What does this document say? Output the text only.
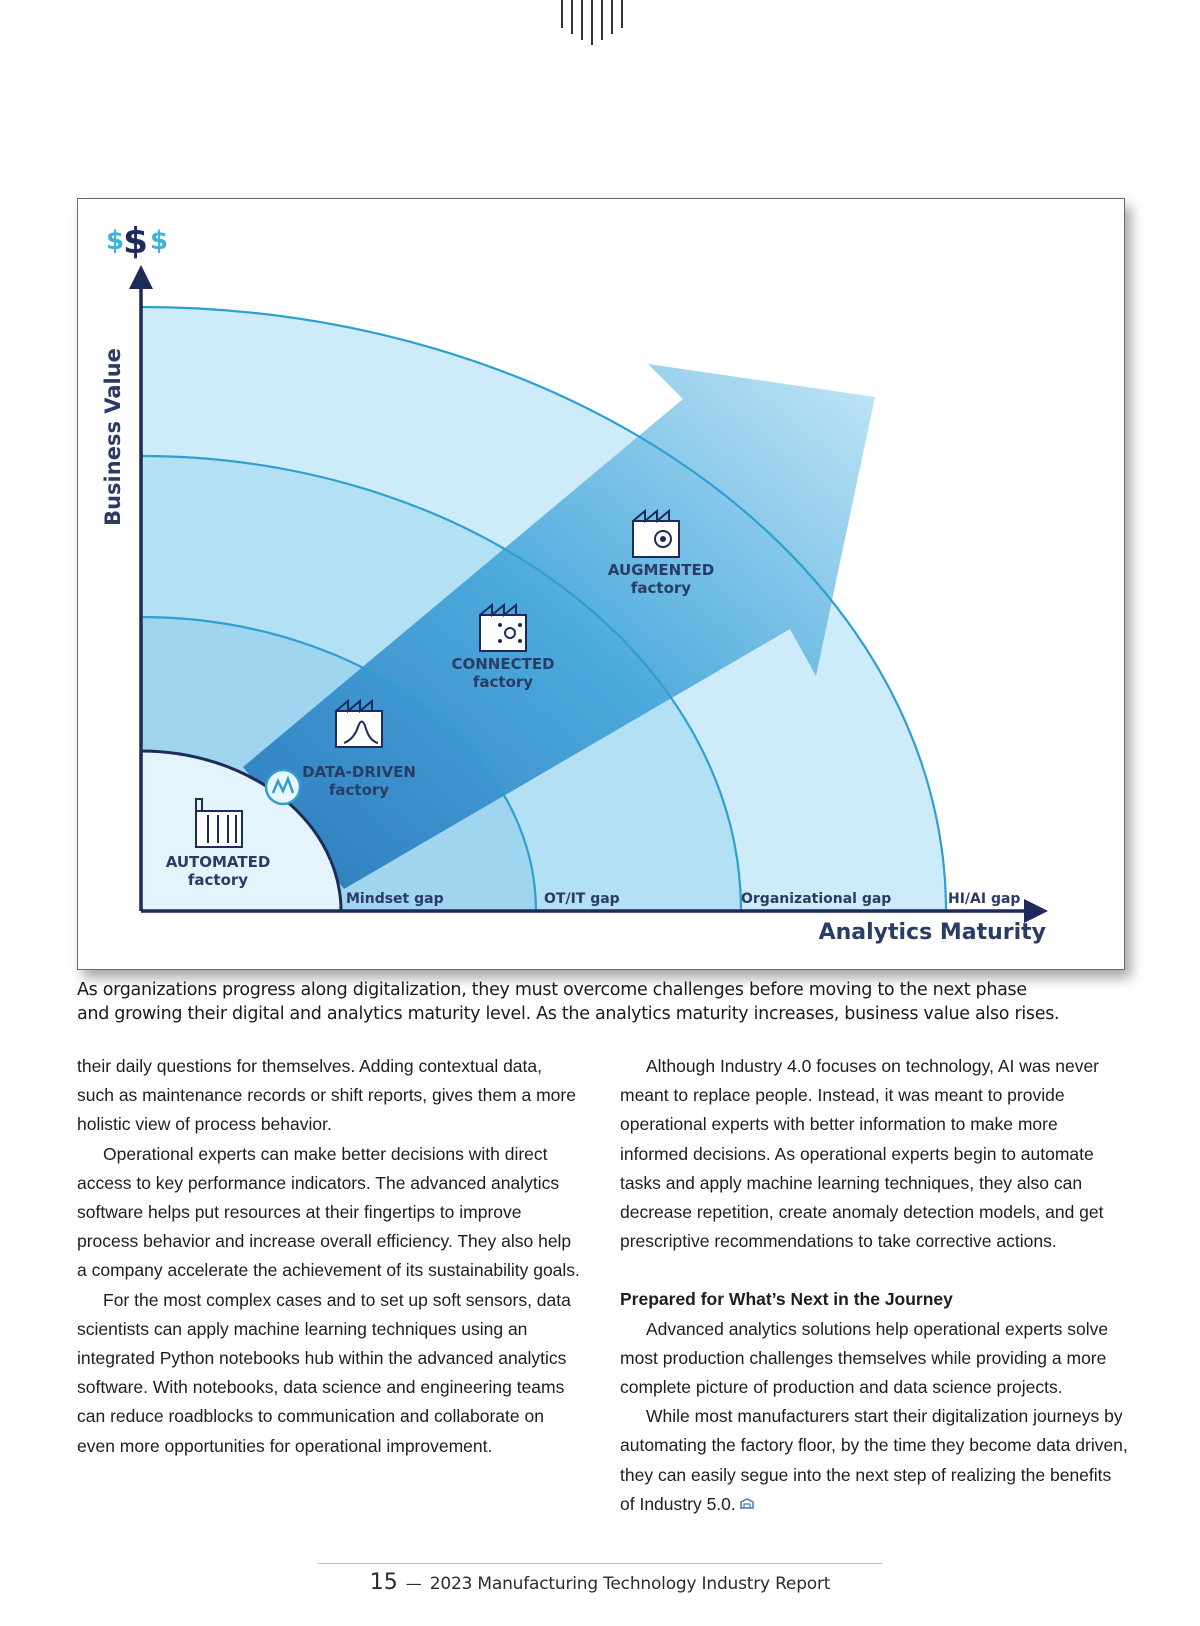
$
$ $
Business Value
Analytics Maturity
Mindset gap	OT/IT gap	Organizational gap	HI/AI gap
AUTOMATED
factory
DATA-DRIVEN
factory
CONNECTED
factory
AUGMENTED
factory
As organizations progress along digitalization, they must overcome challenges before moving to the next phase
and growing their digital and analytics maturity level. As the analytics maturity increases, business value also rises.

their daily questions for themselves. Adding contextual data, such as maintenance records or shift reports, gives them a more holistic view of process behavior.

Operational experts can make better decisions with direct access to key performance indicators. The advanced analytics software helps put resources at their fingertips to improve process behavior and increase overall efficiency. They also help a company accelerate the achievement of its sustainability goals.

For the most complex cases and to set up soft sensors, data scientists can apply machine learning techniques using an integrated Python notebooks hub within the advanced analytics software. With notebooks, data science and engineering teams can reduce roadblocks to communication and collaborate on even more opportunities for operational improvement.

Although Industry 4.0 focuses on technology, AI was never meant to replace people. Instead, it was meant to provide operational experts with better information to make more informed decisions. As operational experts begin to automate tasks and apply machine learning techniques, they also can decrease repetition, create anomaly detection models, and get prescriptive recommendations to take corrective actions.

Prepared for What’s Next in the Journey

Advanced analytics solutions help operational experts solve most production challenges themselves while providing a more complete picture of production and data science projects.

While most manufacturers start their digitalization journeys by automating the factory floor, by the time they become data driven, they can easily segue into the next step of realizing the benefits of Industry 5.0.

15 — 2023 Manufacturing Technology Industry Report
